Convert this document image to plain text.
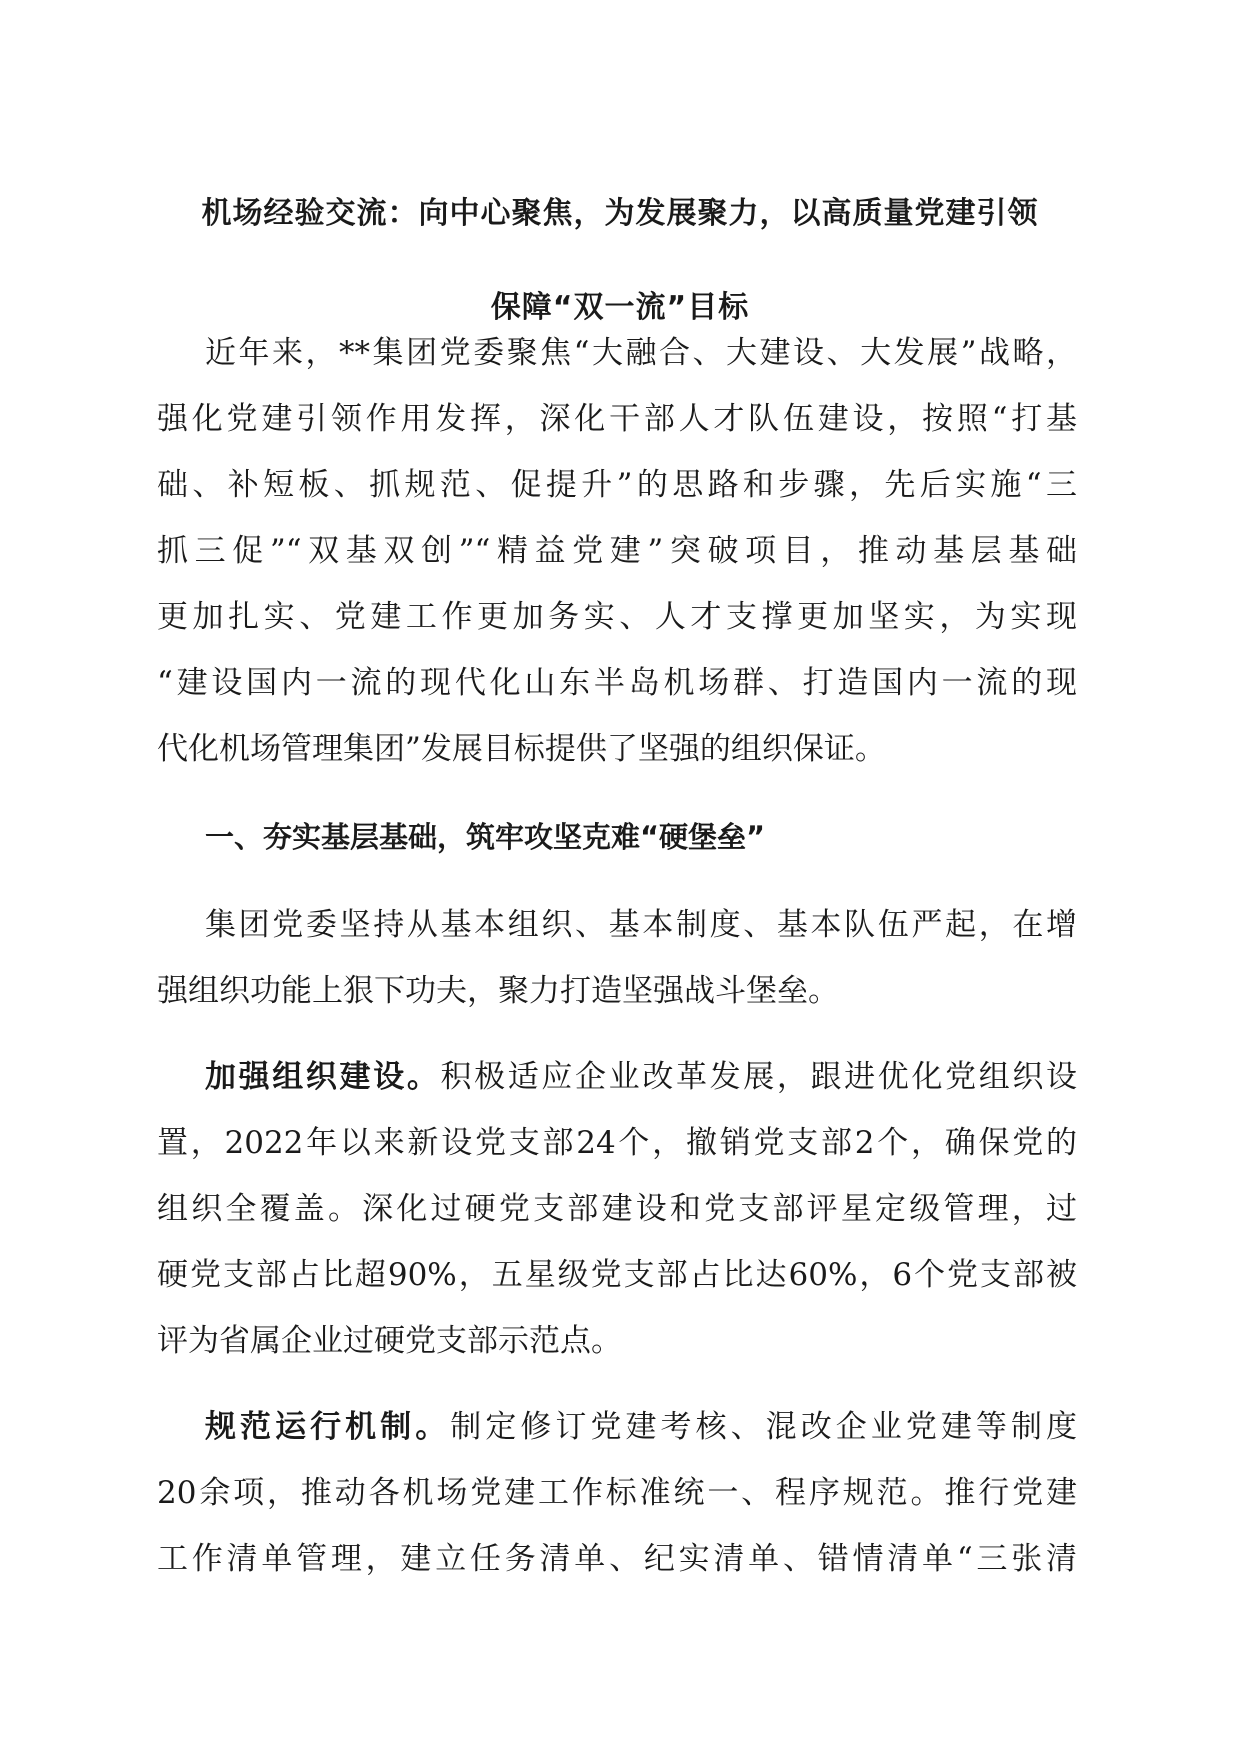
机场经验交流：向中心聚焦，为发展聚力，以高质量党建引领
保障“双一流”目标
近年来，**集团党委聚焦“大融合、大建设、大发展”战略，
强化党建引领作用发挥，深化干部人才队伍建设，按照“打基
础、补短板、抓规范、促提升”的思路和步骤，先后实施“三
抓三促”“双基双创”“精益党建”突破项目，推动基层基础
更加扎实、党建工作更加务实、人才支撑更加坚实，为实现
“建设国内一流的现代化山东半岛机场群、打造国内一流的现
代化机场管理集团”发展目标提供了坚强的组织保证。
一、夯实基层基础，筑牢攻坚克难“硬堡垒”
集团党委坚持从基本组织、基本制度、基本队伍严起，在增
强组织功能上狠下功夫，聚力打造坚强战斗堡垒。
加强组织建设。积极适应企业改革发展，跟进优化党组织设
置，2022年以来新设党支部24个，撤销党支部2个，确保党的
组织全覆盖。深化过硬党支部建设和党支部评星定级管理，过
硬党支部占比超90%，五星级党支部占比达60%，6个党支部被
评为省属企业过硬党支部示范点。
规范运行机制。制定修订党建考核、混改企业党建等制度
20余项，推动各机场党建工作标准统一、程序规范。推行党建
工作清单管理，建立任务清单、纪实清单、错情清单“三张清
